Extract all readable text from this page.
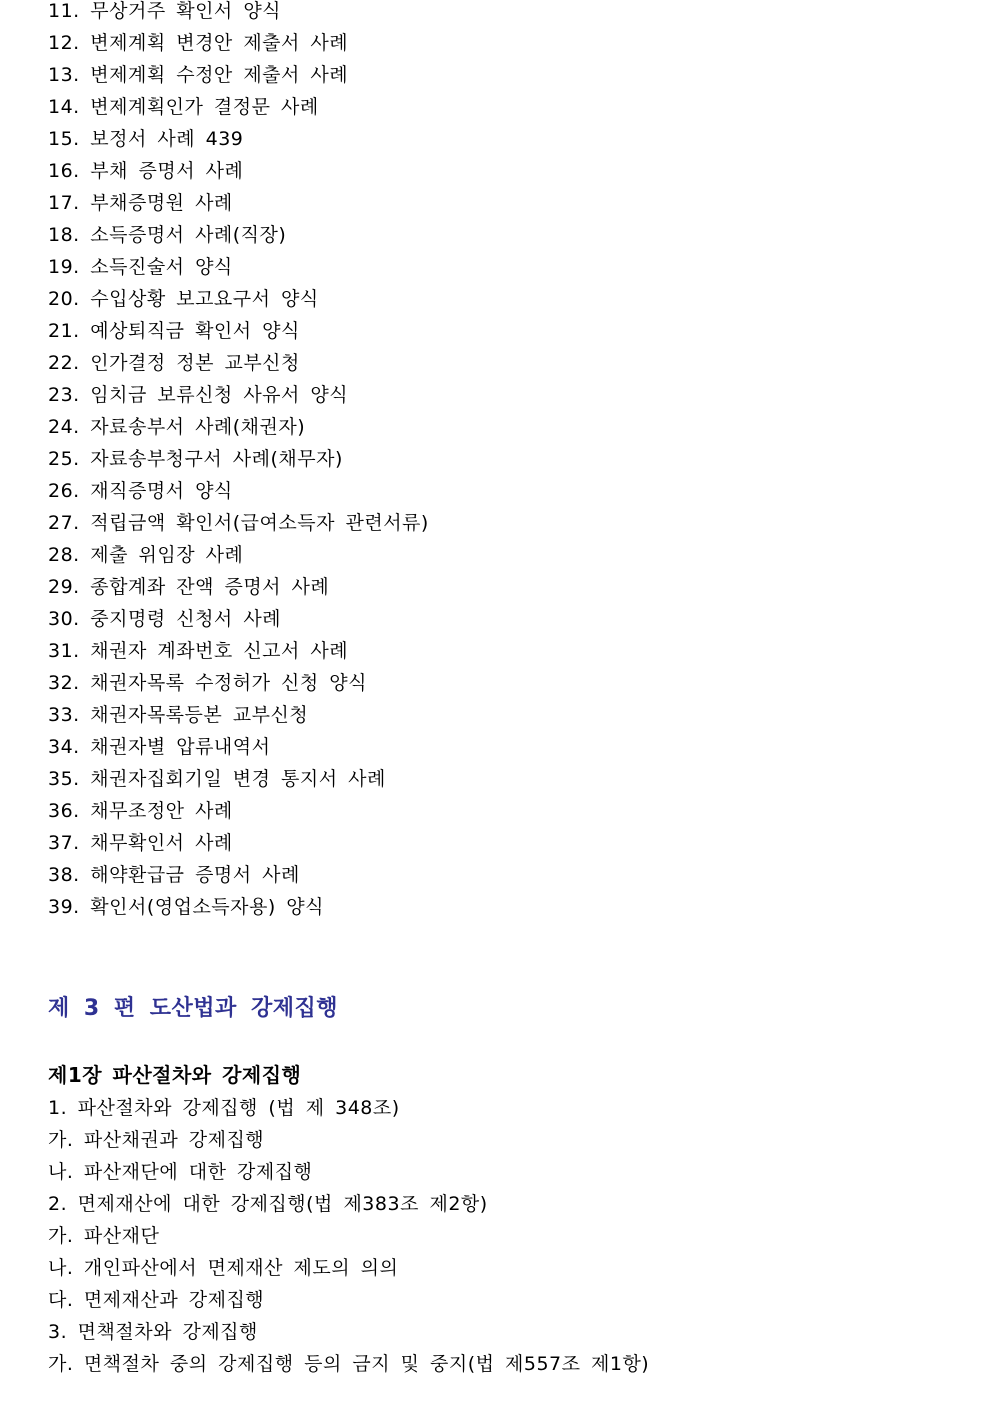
11. 무상거주 확인서 양식
12. 변제계획 변경안 제출서 사례
13. 변제계획 수정안 제출서 사례
14. 변제계획인가 결정문 사례
15. 보정서 사례 439
16. 부채 증명서 사례
17. 부채증명원 사례
18. 소득증명서 사례(직장)
19. 소득진술서 양식
20. 수입상황 보고요구서 양식
21. 예상퇴직금 확인서 양식
22. 인가결정 정본 교부신청
23. 임치금 보류신청 사유서 양식
24. 자료송부서 사례(채권자)
25. 자료송부청구서 사례(채무자)
26. 재직증명서 양식
27. 적립금액 확인서(급여소득자 관련서류)
28. 제출 위임장 사례
29. 종합계좌 잔액 증명서 사례
30. 중지명령 신청서 사례
31. 채권자 계좌번호 신고서 사례
32. 채권자목록 수정허가 신청 양식
33. 채권자목록등본 교부신청
34. 채권자별 압류내역서
35. 채권자집회기일 변경 통지서 사례
36. 채무조정안 사례
37. 채무확인서 사례
38. 해약환급금 증명서 사례
39. 확인서(영업소득자용) 양식
제 3 편 도산법과 강제집행
제1장 파산절차와 강제집행
1. 파산절차와 강제집행 (법 제 348조)
가. 파산채권과 강제집행
나. 파산재단에 대한 강제집행
2. 면제재산에 대한 강제집행(법 제383조 제2항)
가. 파산재단
나. 개인파산에서 면제재산 제도의 의의
다. 면제재산과 강제집행
3. 면책절차와 강제집행
가. 면책절차 중의 강제집행 등의 금지 및 중지(법 제557조 제1항)
